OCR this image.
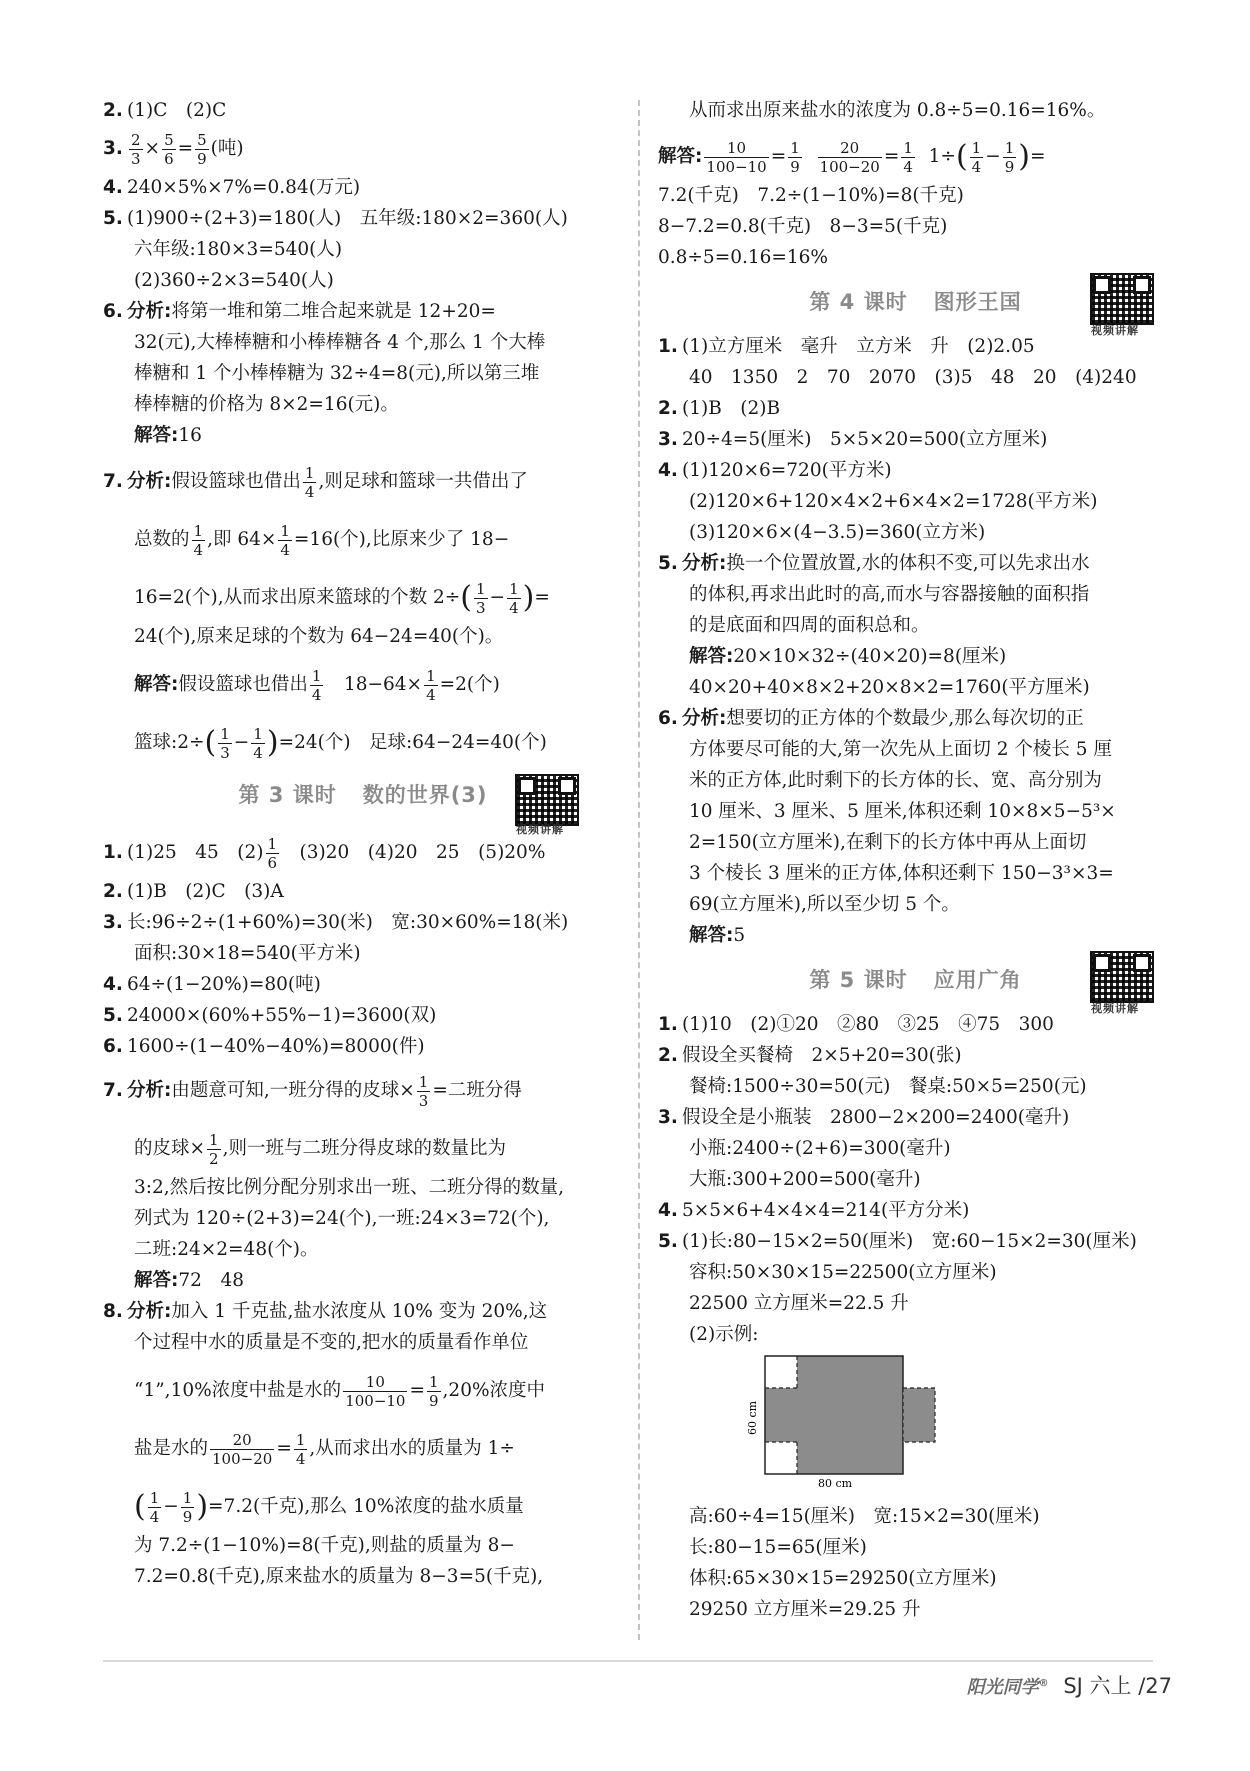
2. (1)C　(2)C
3. $\frac{2}{3} \times \frac{5}{6} = \frac{5}{9}$ (吨)
4. 240×5%×7%=0.84(万元)
5. (1)900÷(2+3)=180(人)　五年级:180×2=360(人)
六年级:180×3=540(人)
(2)360÷2×3=540(人)
6. 分析:将第一堆和第二堆合起来就是 12+20=
32(元),大棒棒糖和小棒棒糖各 4 个,那么 1 个大棒
棒糖和 1 个小棒棒糖为 32÷4=8(元),所以第三堆
棒棒糖的价格为 8×2=16(元)。
解答:16
7. 分析:假设篮球也借出 $\frac{1}{4}$ ,则足球和篮球一共借出了
总数的 $\frac{1}{4}$ ,即 $64\times \frac{1}{4} =16$(个),比原来少了 18−
16=2(个),从而求出原来篮球的个数 $2\div( \frac{1}{3} - \frac{1}{4}$ )=
24(个),原来足球的个数为 64−24=40(个)。
解答:假设篮球也借出 $\frac{1}{4}$ 　$18-64\times \frac{1}{4} =2$(个)
篮球:2÷( $\frac{1}{3} - \frac{1}{4} )=24$(个)　足球:64−24=40(个)
第 3 课时 数的世界(3)
视频讲解
1. (1)25　45　$(2) \frac{1}{6}$ 　(3)20　(4)20　25　(5)20%
2. (1)B　(2)C　(3)A
3. 长:96÷2÷(1+60%)=30(米)　宽:30×60%=18(米)
面积:30×18=540(平方米)
4. 64÷(1−20%)=80(吨)
5. 24000×(60%+55%−1)=3600(双)
6. 1600÷(1−40%−40%)=8000(件)
7. 分析:由题意可知,一班分得的皮球× $\frac{1}{3}$ =二班分得
的皮球× $\frac{1}{2}$ ,则一班与二班分得皮球的数量比为
3:2,然后按比例分配分别求出一班、二班分得的数量,
列式为 120÷(2+3)=24(个),一班:24×3=72(个),
二班:24×2=48(个)。
解答:72　48
8. 分析:加入 1 千克盐,盐水浓度从 10% 变为 20%,这
个过程中水的质量是不变的,把水的质量看作单位
“1”,10%浓度中盐是水的 $\frac{10}{100-10} = \frac{1}{9} ,20\%$浓度中
盐是水的 $\frac{20}{100-20} = \frac{1}{4}$ ,从而求出水的质量为 1÷
( $\frac{1}{4} - \frac{1}{9} )=7.2$(千克),那么 10%浓度的盐水质量
为 7.2÷(1−10%)=8(千克),则盐的质量为 8−
7.2=0.8(千克),原来盐水的质量为 8−3=5(千克),
从而求出原来盐水的浓度为 0.8÷5=0.16=16%。
解答: $\frac{10}{100-10} = \frac{1}{9}$
$\frac{20}{100-20} = \frac{1}{4} 1\div( \frac{1}{4} - \frac{1}{9}$ )=
7.2(千克)　7.2÷(1−10%)=8(千克)
8−7.2=0.8(千克)　8−3=5(千克)
0.8÷5=0.16=16%
第 4 课时 图形王国
视频讲解
1. (1)立方厘米　毫升　立方米　升　(2)2.05
40　1350　2　70　2070　(3)5　48　20　(4)240
2. (1)B　(2)B
3. 20÷4=5(厘米)　5×5×20=500(立方厘米)
4. (1)120×6=720(平方米)
(2)120×6+120×4×2+6×4×2=1728(平方米)
(3)120×6×(4−3.5)=360(立方米)
5. 分析:换一个位置放置,水的体积不变,可以先求出水
的体积,再求出此时的高,而水与容器接触的面积指
的是底面和四周的面积总和。
解答:20×10×32÷(40×20)=8(厘米)
40×20+40×8×2+20×8×2=1760(平方厘米)
6. 分析:想要切的正方体的个数最少,那么每次切的正
方体要尽可能的大,第一次先从上面切 2 个棱长 5 厘
米的正方体,此时剩下的长方体的长、宽、高分别为
10 厘米、3 厘米、5 厘米,体积还剩 10×8×5−5³×
2=150(立方厘米),在剩下的长方体中再从上面切
3 个棱长 3 厘米的正方体,体积还剩下 150−3³×3=
69(立方厘米),所以至少切 5 个。
解答:5
第 5 课时 应用广角
视频讲解
1. (1)10　(2)①20　②80　③25　④75　300
2. 假设全买餐椅　2×5+20=30(张)
餐椅:1500÷30=50(元)　餐桌:50×5=250(元)
3. 假设全是小瓶装　2800−2×200=2400(毫升)
小瓶:2400÷(2+6)=300(毫升)
大瓶:300+200=500(毫升)
4. 5×5×6+4×4×4=214(平方分米)
5. (1)长:80−15×2=50(厘米)　宽:60−15×2=30(厘米)
容积:50×30×15=22500(立方厘米)
22500 立方厘米=22.5 升
(2)示例:
60 cm
80 cm
高:60÷4=15(厘米)　宽:15×2=30(厘米)
长:80−15=65(厘米)
体积:65×30×15=29250(立方厘米)
29250 立方厘米=29.25 升
阳光同学® SJ 六上 /27
